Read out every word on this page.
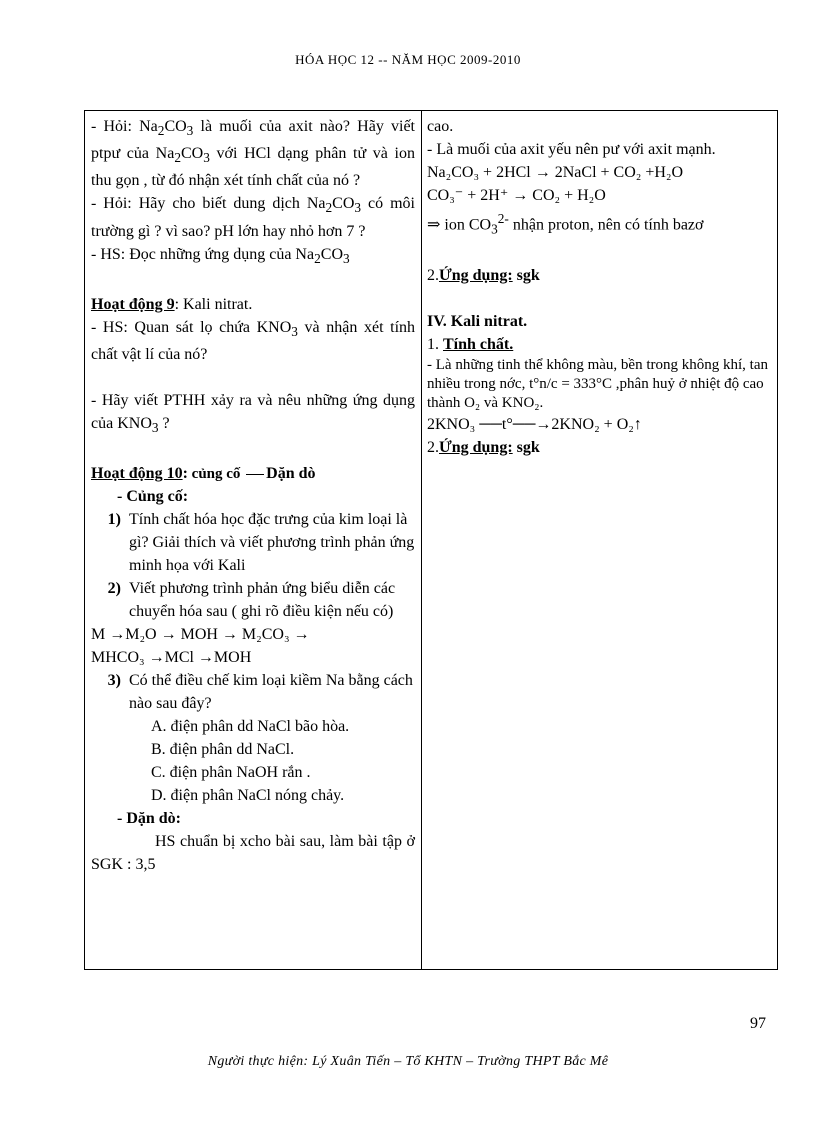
HÓA HỌC 12 -- NĂM HỌC 2009-2010

- Hỏi: $Na_2CO_3$ là muối của axit nào? Hãy viết ptpư của $Na_2CO_3$ với HCl dạng phân tử và ion thu gọn , từ đó nhận xét tính chất của nó ?

- Hỏi: Hãy cho biết dung dịch $Na_2CO_3$ có môi trường gì ? vì sao? pH lớn hay nhỏ hơn 7 ?

- HS: Đọc những ứng dụng của $Na_2CO_3$

Hoạt động 9: Kali nitrat.

- HS: Quan sát lọ chứa $KNO_3$ và nhận xét tính chất vật lí của nó?

- Hãy viết PTHH xảy ra và nêu những ứng dụng của $KNO_3$ ?

Hoạt động 10: củng cố Dặn dò

- Củng cố:

1) Tính chất hóa học đặc trưng của kim loại là gì? Giải thích và viết phương trình phản ứng minh họa với Kali
2) Viết phương trình phản ứng biểu diễn các chuyển hóa sau ( ghi rõ điều kiện nếu có)

M →M₂O → MOH → M₂CO₃ →

MHCO₃ →MCl →MOH

3) Có thể điều chế kim loại kiềm Na bằng cách nào sau đây?

A. điện phân dd NaCl bão hòa.

B. điện phân dd NaCl.

C. điện phân NaOH rắn .

D. điện phân NaCl nóng chảy.

- Dặn dò:

HS chuẩn bị xcho bài sau, làm bài tập ở SGK : 3,5

cao.

- Là muối của axit yếu nên pư với axit mạnh.

Na₂CO₃ + 2HCl → 2NaCl + CO₂ +H₂O

CO₃⁻ + 2H⁺ → CO₂ + H₂O

⇒ ion $CO_3^{2-}$ nhận proton, nên có tính bazơ

2.Ứng dụng: sgk

IV. Kali nitrat.

1. Tính chất.

- Là những tinh thể không màu, bền trong không khí, tan nhiều trong nớc, t°n/c = 333°C ,phân huỷ ở nhiệt độ cao thành O₂ và KNO₂.

2KNO₃ ──t°──→2KNO₂ + O₂↑

2.Ứng dụng: sgk

97
Người thực hiện: Lý Xuân Tiến – Tổ KHTN – Trường THPT Bắc Mê
